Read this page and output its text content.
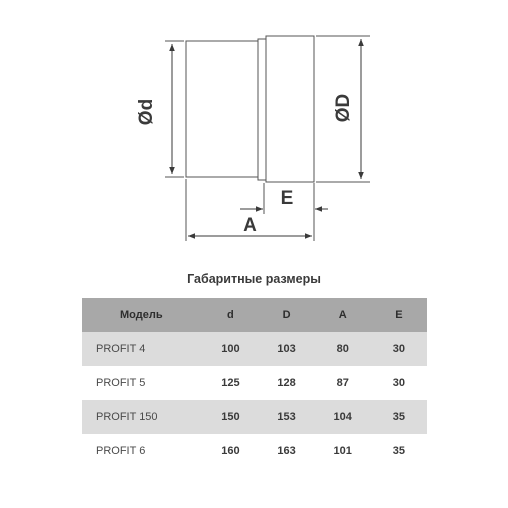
Ød	ØD
E
A

Габаритные размеры

Модель	d	D	A	E
PROFIT 4	100	103	80	30
PROFIT 5	125	128	87	30
PROFIT 150	150	153	104	35
PROFIT 6	160	163	101	35
